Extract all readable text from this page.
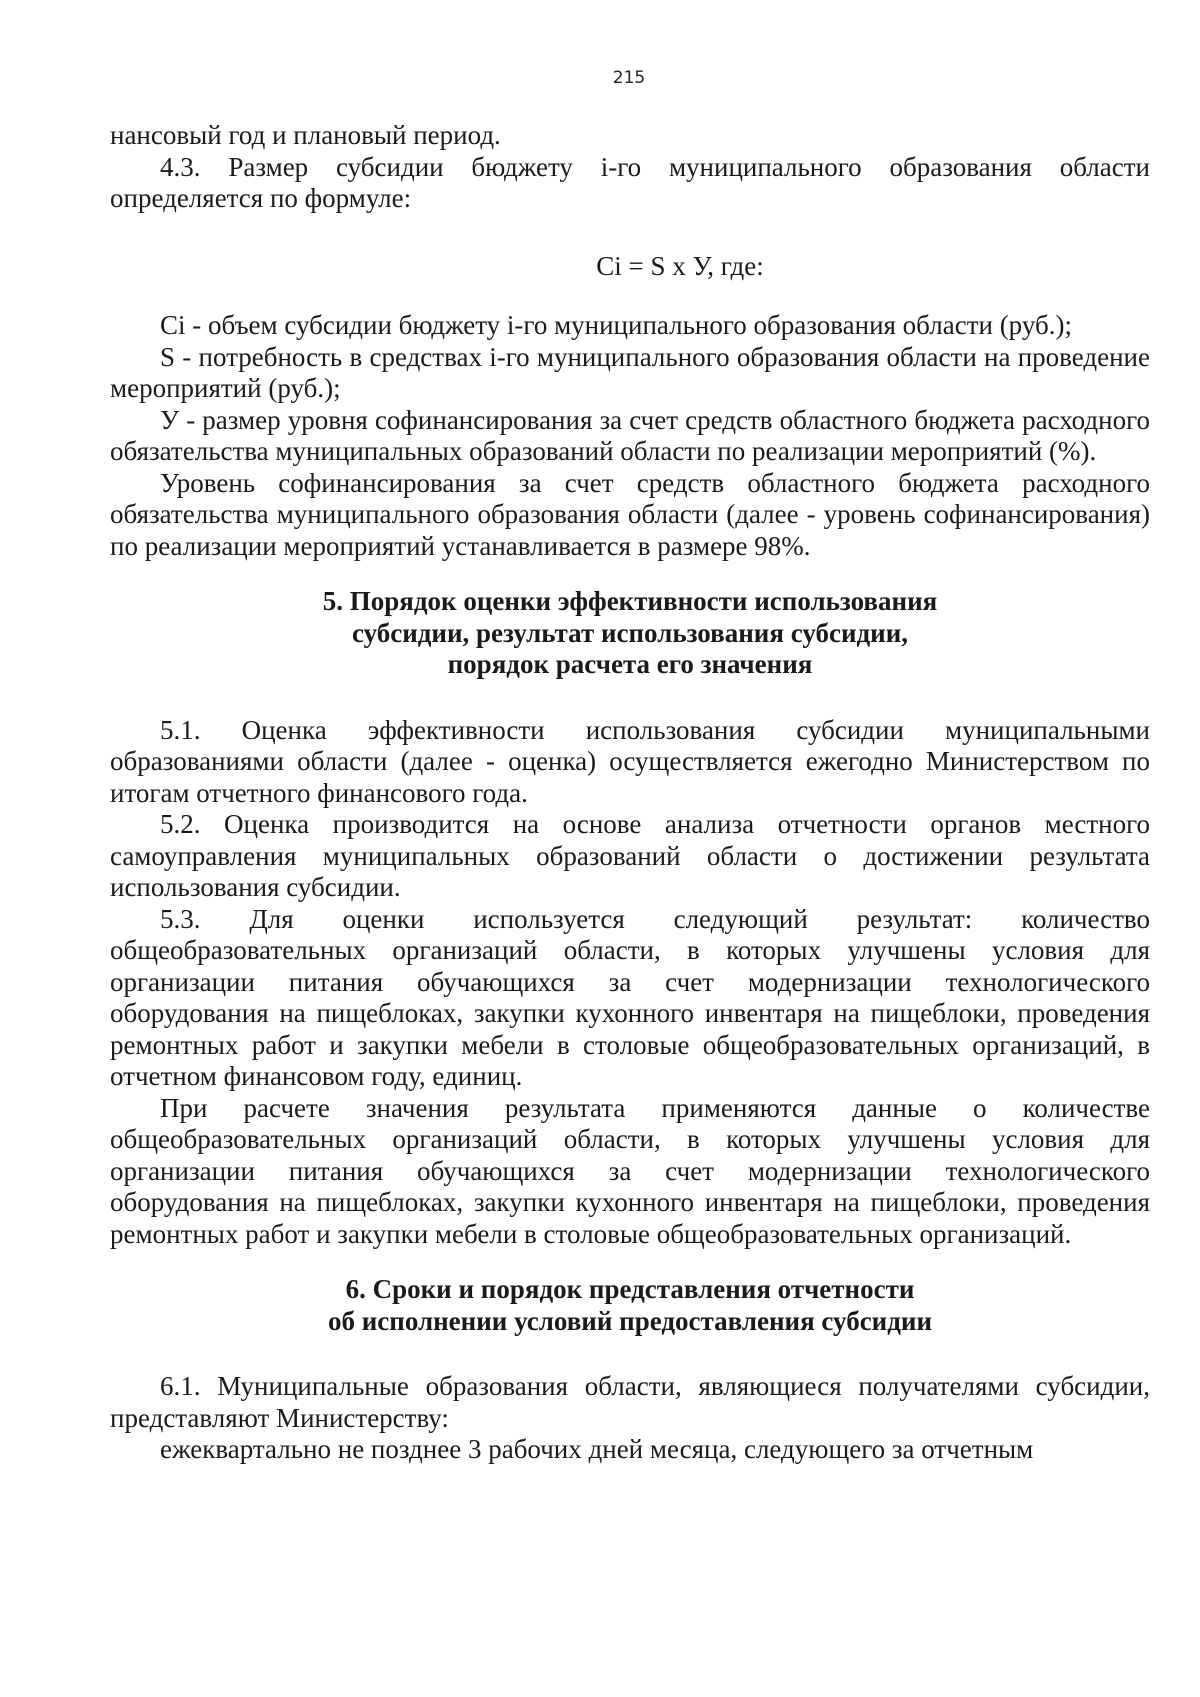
215

нансовый год и плановый период.

4.3. Размер субсидии бюджету i-го муниципального образования области определяется по формуле:

Ci = S x У, где:

Ci - объем субсидии бюджету i-го муниципального образования области (руб.);

S - потребность в средствах i-го муниципального образования области на проведение мероприятий (руб.);

У - размер уровня софинансирования за счет средств областного бюджета расходного обязательства муниципальных образований области по реализации мероприятий (%).

Уровень софинансирования за счет средств областного бюджета расходного обязательства муниципального образования области (далее - уровень софинансирования) по реализации мероприятий устанавливается в размере 98%.

5. Порядок оценки эффективности использования

субсидии, результат использования субсидии,

порядок расчета его значения

5.1. Оценка эффективности использования субсидии муниципальными образованиями области (далее - оценка) осуществляется ежегодно Министерством по итогам отчетного финансового года.

5.2. Оценка производится на основе анализа отчетности органов местного самоуправления муниципальных образований области о достижении результата использования субсидии.

5.3. Для оценки используется следующий результат: количество общеобразовательных организаций области, в которых улучшены условия для организации питания обучающихся за счет модернизации технологического оборудования на пищеблоках, закупки кухонного инвентаря на пищеблоки, проведения ремонтных работ и закупки мебели в столовые общеобразовательных организаций, в отчетном финансовом году, единиц.

При расчете значения результата применяются данные о количестве общеобразовательных организаций области, в которых улучшены условия для организации питания обучающихся за счет модернизации технологического оборудования на пищеблоках, закупки кухонного инвентаря на пищеблоки, проведения ремонтных работ и закупки мебели в столовые общеобразовательных организаций.

6. Сроки и порядок представления отчетности

об исполнении условий предоставления субсидии

6.1. Муниципальные образования области, являющиеся получателями субсидии, представляют Министерству:

ежеквартально не позднее 3 рабочих дней месяца, следующего за отчетным
